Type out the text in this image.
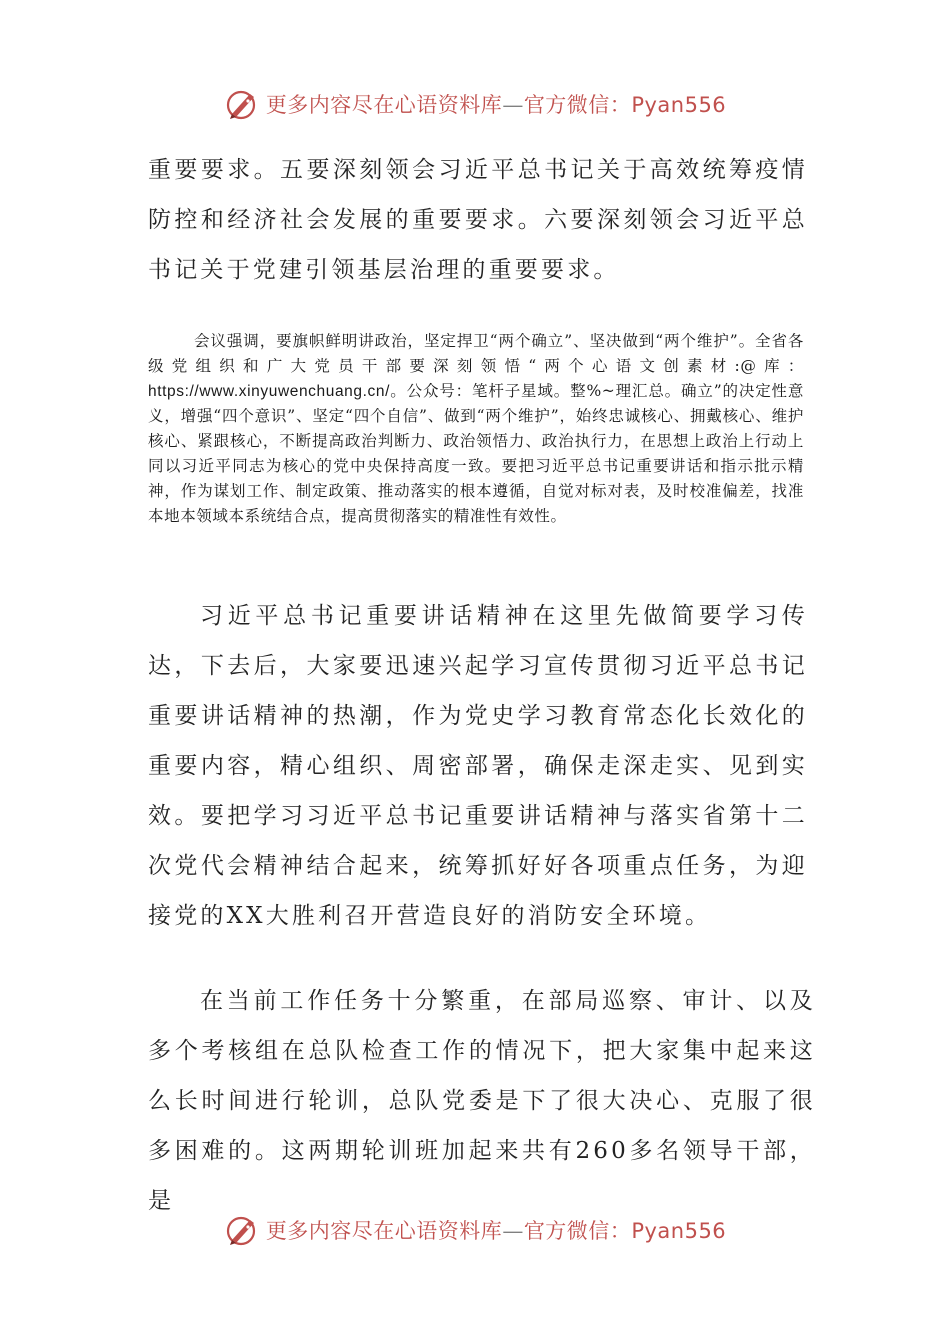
更多内容尽在心语资料库—官方微信：Pyan556

重要要求。五要深刻领会习近平总书记关于高效统筹疫情防控和经济社会发展的重要要求。六要深刻领会习近平总书记关于党建引领基层治理的重要要求。

会议强调，要旗帜鲜明讲政治，坚定捍卫“两个确立”、坚决做到“两个维护”。全省各级党组织和广大党员干部要深刻领悟“两个心语文创素材:@库：https://www.xinyuwenchuang.cn/。公众号：笔杆子星域。整%~理汇总。确立”的决定性意义，增强“四个意识”、坚定“四个自信”、做到“两个维护”，始终忠诚核心、拥戴核心、维护核心、紧跟核心，不断提高政治判断力、政治领悟力、政治执行力，在思想上政治上行动上同以习近平同志为核心的党中央保持高度一致。要把习近平总书记重要讲话和指示批示精神，作为谋划工作、制定政策、推动落实的根本遵循，自觉对标对表，及时校准偏差，找准本地本领域本系统结合点，提高贯彻落实的精准性有效性。

习近平总书记重要讲话精神在这里先做简要学习传达，下去后，大家要迅速兴起学习宣传贯彻习近平总书记重要讲话精神的热潮，作为党史学习教育常态化长效化的重要内容，精心组织、周密部署，确保走深走实、见到实效。要把学习习近平总书记重要讲话精神与落实省第十二次党代会精神结合起来，统筹抓好好各项重点任务，为迎接党的XX大胜利召开营造良好的消防安全环境。

在当前工作任务十分繁重，在部局巡察、审计、以及多个考核组在总队检查工作的情况下，把大家集中起来这么长时间进行轮训，总队党委是下了很大决心、克服了很多困难的。这两期轮训班加起来共有260多名领导干部，是

更多内容尽在心语资料库—官方微信：Pyan556
